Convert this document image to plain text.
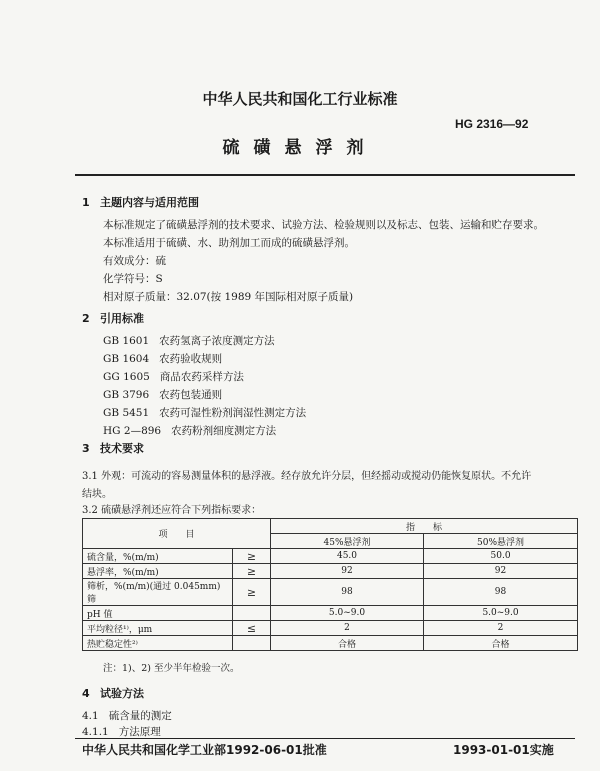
中华人民共和国化工行业标准
HG 2316—92
硫磺悬浮剂
1 主题内容与适用范围
本标准规定了硫磺悬浮剂的技术要求、试验方法、检验规则以及标志、包装、运输和贮存要求。
本标准适用于硫磺、水、助剂加工而成的硫磺悬浮剂。
有效成分：硫
化学符号：S
相对原子质量：32.07(按 1989 年国际相对原子质量)
2 引用标准
GB 1601   农药氢离子浓度测定方法
GB 1604   农药验收规则
GG 1605   商品农药采样方法
GB 3796   农药包装通则
GB 5451   农药可湿性粉剂润湿性测定方法
HG 2—896   农药粉剂细度测定方法
3 技术要求
3.1 外观：可流动的容易测量体积的悬浮液。经存放允许分层，但经摇动或搅动仍能恢复原状。不允许
结块。
3.2 硫磺悬浮剂还应符合下列指标要求：
项　　目		指　　标	
		45%悬浮剂	50%悬浮剂
硫含量，%(m/m)	≥	45.0	50.0
悬浮率，%(m/m)	≥	92	92
筛析，%(m/m)(通过 0.045mm)筛	≥	98	98
pH 值		5.0~9.0	5.0~9.0
平均粒径¹⁾，μm	≤	2	2
热贮稳定性²⁾		合格	合格
注：1)、2) 至少半年检验一次。
4 试验方法
4.1   硫含量的测定
4.1.1   方法原理
中华人民共和国化学工业部1992-06-01批准	1993-01-01实施
